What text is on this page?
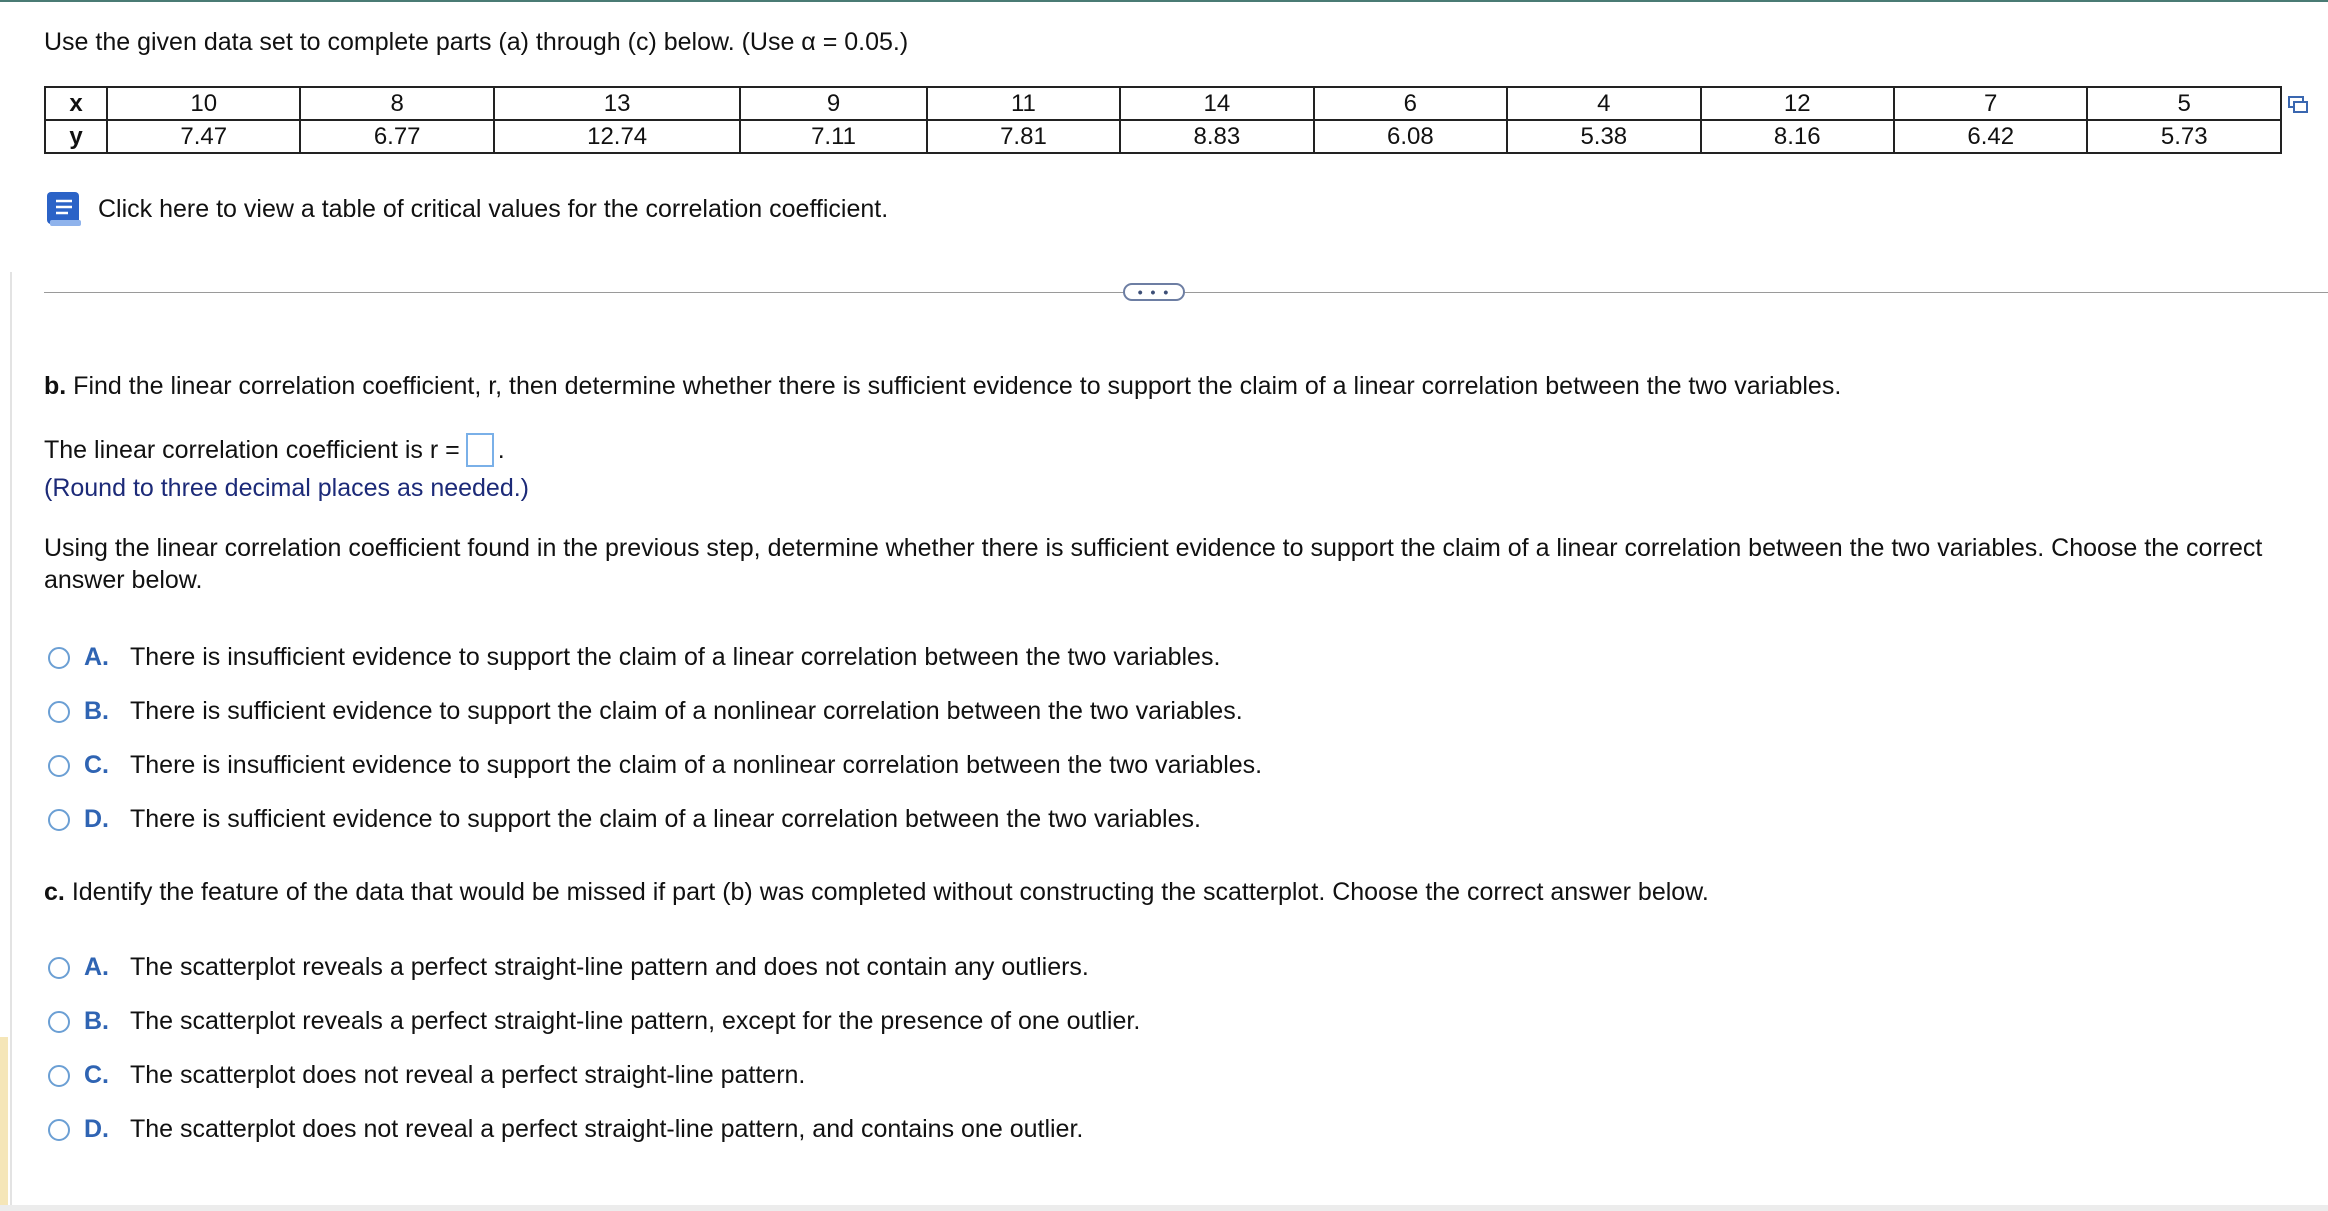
Use the given data set to complete parts (a) through (c) below. (Use α = 0.05.)
x	10	8	13	9	11	14	6	4	12	7	5
y	7.47	6.77	12.74	7.11	7.81	8.83	6.08	5.38	8.16	6.42	5.73
Click here to view a table of critical values for the correlation coefficient.
• • •
b. Find the linear correlation coefficient, r, then determine whether there is sufficient evidence to support the claim of a linear correlation between the two variables.
The linear correlation coefficient is r = .
(Round to three decimal places as needed.)
Using the linear correlation coefficient found in the previous step, determine whether there is sufficient evidence to support the claim of a linear correlation between the two variables. Choose the correct answer below.
A. There is insufficient evidence to support the claim of a linear correlation between the two variables.
B. There is sufficient evidence to support the claim of a nonlinear correlation between the two variables.
C. There is insufficient evidence to support the claim of a nonlinear correlation between the two variables.
D. There is sufficient evidence to support the claim of a linear correlation between the two variables.
c. Identify the feature of the data that would be missed if part (b) was completed without constructing the scatterplot. Choose the correct answer below.
A. The scatterplot reveals a perfect straight-line pattern and does not contain any outliers.
B. The scatterplot reveals a perfect straight-line pattern, except for the presence of one outlier.
C. The scatterplot does not reveal a perfect straight-line pattern.
D. The scatterplot does not reveal a perfect straight-line pattern, and contains one outlier.
